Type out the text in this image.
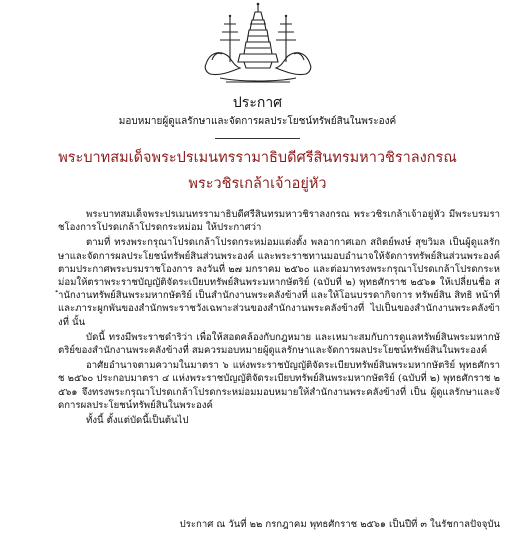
ประกาศ
มอบหมายผู้ดูแลรักษาและจัดการผลประโยชน์ทรัพย์สินในพระองค์
พระบาทสมเด็จพระปรเมนทรรามาธิบดีศรีสินทรมหาวชิราลงกรณ
พระวชิรเกล้าเจ้าอยู่หัว

พระบาทสมเด็จพระปรเมนทรรามาธิบดีศรีสินทรมหาวชิราลงกรณ พระวชิรเกล้าเจ้าอยู่หัว มีพระบรมราชโองการโปรดเกล้าโปรดกระหม่อม ให้ประกาศว่า

ตามที่ ทรงพระกรุณาโปรดเกล้าโปรดกระหม่อมแต่งตั้ง พลอากาศเอก สถิตย์พงษ์ สุขวิมล เป็นผู้ดูแลรักษาและจัดการผลประโยชน์ทรัพย์สินส่วนพระองค์ และพระราชทานมอบอำนาจให้จัดการทรัพย์สินส่วนพระองค์ ตามประกาศพระบรมราชโองการ ลงวันที่ ๒๗ มกราคม ๒๕๖๐ และต่อมาทรงพระกรุณาโปรดเกล้าโปรดกระหม่อมให้ตราพระราชบัญญัติจัดระเบียบทรัพย์สินพระมหากษัตริย์ (ฉบับที่ ๒) พุทธศักราช ๒๕๖๑ ให้เปลี่ยนชื่อ สำนักงานทรัพย์สินพระมหากษัตริย์ เป็นสำนักงานพระคลังข้างที่ และให้โอนบรรดากิจการ ทรัพย์สิน สิทธิ หน้าที่ และภาระผูกพันของสำนักพระราชวังเฉพาะส่วนของสำนักงานพระคลังข้างที่ ไปเป็นของสำนักงานพระคลังข้างที่ นั้น

บัดนี้ ทรงมีพระราชดำริว่า เพื่อให้สอดคล้องกับกฎหมาย และเหมาะสมกับการดูแลทรัพย์สินพระมหากษัตริย์ของสำนักงานพระคลังข้างที่ สมควรมอบหมายผู้ดูแลรักษาและจัดการผลประโยชน์ทรัพย์สินในพระองค์

อาศัยอำนาจตามความในมาตรา ๖ แห่งพระราชบัญญัติจัดระเบียบทรัพย์สินพระมหากษัตริย์ พุทธศักราช ๒๕๖๐ ประกอบมาตรา ๔ แห่งพระราชบัญญัติจัดระเบียบทรัพย์สินพระมหากษัตริย์ (ฉบับที่ ๒) พุทธศักราช ๒๕๖๑ จึงทรงพระกรุณาโปรดเกล้าโปรดกระหม่อมมอบหมายให้สำนักงานพระคลังข้างที่ เป็น ผู้ดูแลรักษาและจัดการผลประโยชน์ทรัพย์สินในพระองค์

ทั้งนี้ ตั้งแต่บัดนี้เป็นต้นไป

ประกาศ ณ วันที่ ๒๒ กรกฎาคม พุทธศักราช ๒๕๖๑ เป็นปีที่ ๓ ในรัชกาลปัจจุบัน
